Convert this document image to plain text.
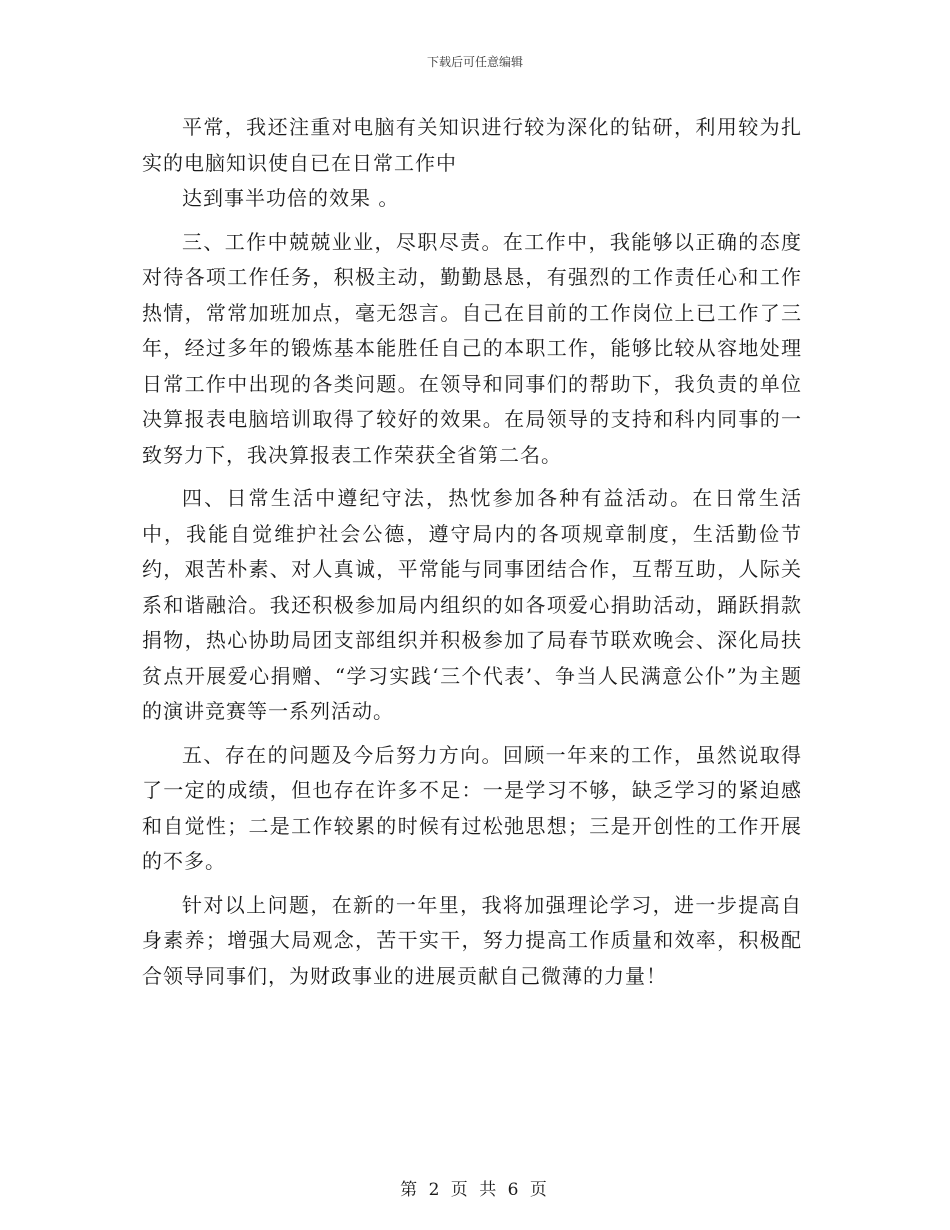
下载后可任意编辑

平常，我还注重对电脑有关知识进行较为深化的钻研，利用较为扎实的电脑知识使自已在日常工作中

达到事半功倍的效果 。

三、工作中兢兢业业，尽职尽责。在工作中，我能够以正确的态度对待各项工作任务，积极主动，勤勤恳恳，有强烈的工作责任心和工作热情，常常加班加点，毫无怨言。自己在目前的工作岗位上已工作了三年，经过多年的锻炼基本能胜任自己的本职工作，能够比较从容地处理日常工作中出现的各类问题。在领导和同事们的帮助下，我负责的单位决算报表电脑培训取得了较好的效果。在局领导的支持和科内同事的一致努力下，我决算报表工作荣获全省第二名。

四、日常生活中遵纪守法，热忱参加各种有益活动。在日常生活中，我能自觉维护社会公德，遵守局内的各项规章制度，生活勤俭节约，艰苦朴素、对人真诚，平常能与同事团结合作，互帮互助，人际关系和谐融洽。我还积极参加局内组织的如各项爱心捐助活动，踊跃捐款捐物，热心协助局团支部组织并积极参加了局春节联欢晚会、深化局扶贫点开展爱心捐赠、“学习实践‘三个代表’、争当人民满意公仆”为主题的演讲竞赛等一系列活动。

五、存在的问题及今后努力方向。回顾一年来的工作，虽然说取得了一定的成绩，但也存在许多不足：一是学习不够，缺乏学习的紧迫感和自觉性；二是工作较累的时候有过松弛思想；三是开创性的工作开展的不多。

针对以上问题，在新的一年里，我将加强理论学习，进一步提高自身素养；增强大局观念，苦干实干，努力提高工作质量和效率，积极配合领导同事们，为财政事业的进展贡献自己微薄的力量！

第 2 页 共 6 页
